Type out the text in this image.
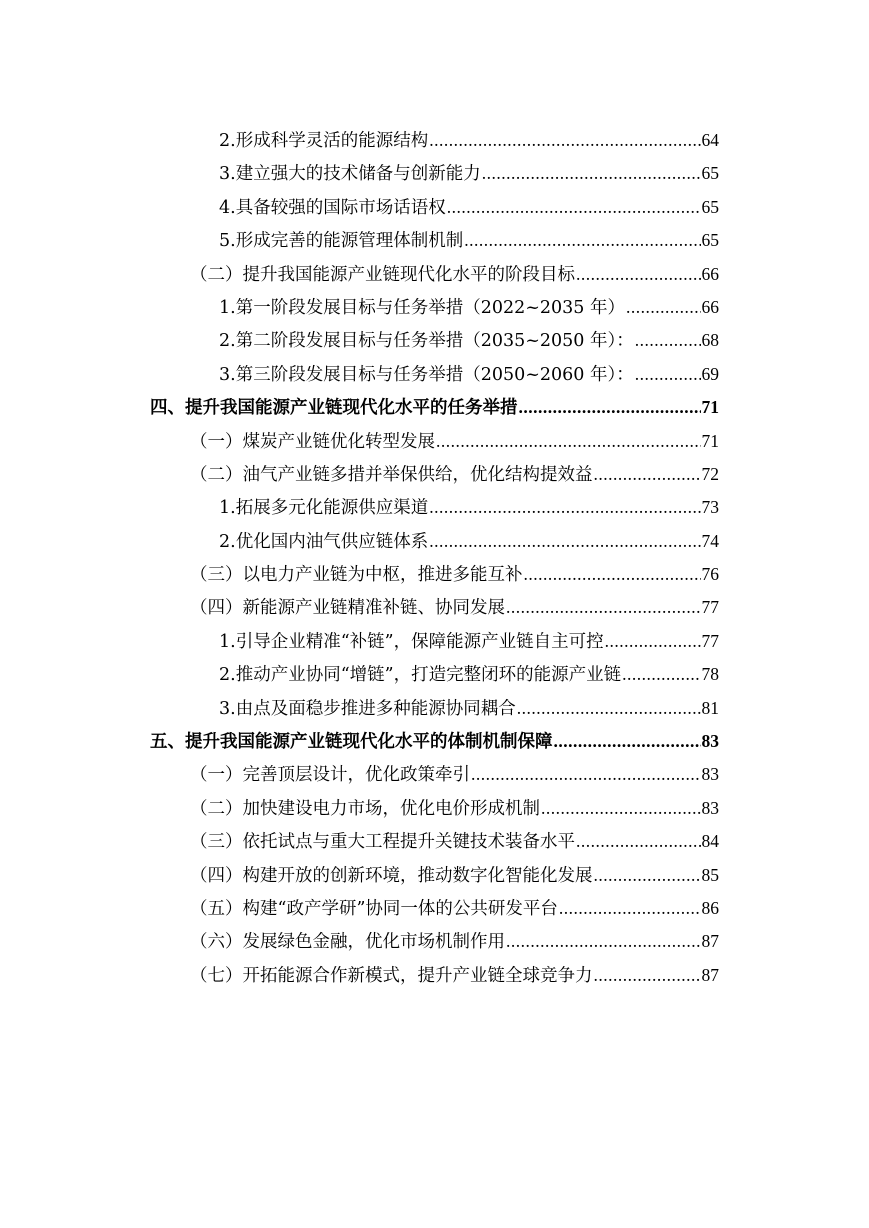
2.形成科学灵活的能源结构 .....	64
3.建立强大的技术储备与创新能力 .....	65
4.具备较强的国际市场话语权 .....	65
5.形成完善的能源管理体制机制 .....	65
（二）提升我国能源产业链现代化水平的阶段目标 .....	66
1.第一阶段发展目标与任务举措（2022~2035 年） .....	66
2.第二阶段发展目标与任务举措（2035~2050 年）： .....	68
3.第三阶段发展目标与任务举措（2050~2060 年）： .....	69
四、提升我国能源产业链现代化水平的任务举措 .....	71
（一）煤炭产业链优化转型发展 .....	71
（二）油气产业链多措并举保供给，优化结构提效益 .....	72
1.拓展多元化能源供应渠道 .....	73
2.优化国内油气供应链体系 .....	74
（三）以电力产业链为中枢，推进多能互补 .....	76
（四）新能源产业链精准补链、协同发展 .....	77
1.引导企业精准“补链”，保障能源产业链自主可控 .....	77
2.推动产业协同“增链”，打造完整闭环的能源产业链 .....	78
3.由点及面稳步推进多种能源协同耦合 .....	81
五、提升我国能源产业链现代化水平的体制机制保障 .....	83
（一）完善顶层设计，优化政策牵引 .....	83
（二）加快建设电力市场，优化电价形成机制 .....	83
（三）依托试点与重大工程提升关键技术装备水平 .....	84
（四）构建开放的创新环境，推动数字化智能化发展 .....	85
（五）构建“政产学研”协同一体的公共研发平台 .....	86
（六）发展绿色金融，优化市场机制作用 .....	87
（七）开拓能源合作新模式，提升产业链全球竞争力 .....	87
